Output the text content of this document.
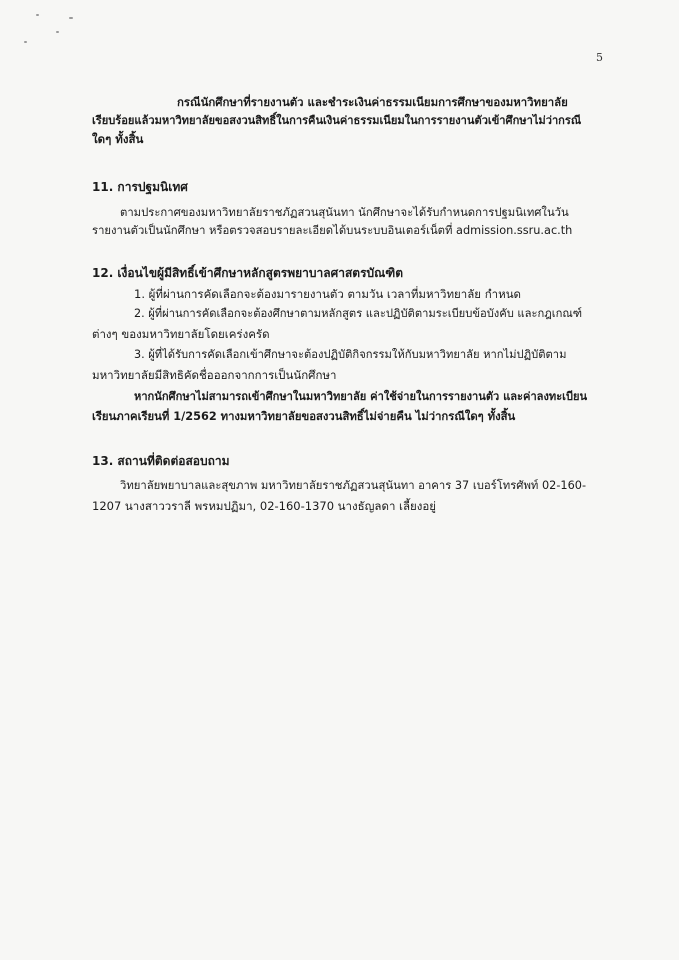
5
กรณีนักศึกษาที่รายงานตัว และชำระเงินค่าธรรมเนียมการศึกษาของมหาวิทยาลัย
เรียบร้อยแล้วมหาวิทยาลัยขอสงวนสิทธิ์ในการคืนเงินค่าธรรมเนียมในการรายงานตัวเข้าศึกษาไม่ว่ากรณี
ใดๆ ทั้งสิ้น
11. การปฐมนิเทศ
ตามประกาศของมหาวิทยาลัยราชภัฏสวนสุนันทา นักศึกษาจะได้รับกำหนดการปฐมนิเทศในวัน
รายงานตัวเป็นนักศึกษา หรือตรวจสอบรายละเอียดได้บนระบบอินเตอร์เน็ตที่ admission.ssru.ac.th
12. เงื่อนไขผู้มีสิทธิ์เข้าศึกษาหลักสูตรพยาบาลศาสตรบัณฑิต
1. ผู้ที่ผ่านการคัดเลือกจะต้องมารายงานตัว ตามวัน เวลาที่มหาวิทยาลัย กำหนด
2. ผู้ที่ผ่านการคัดเลือกจะต้องศึกษาตามหลักสูตร และปฏิบัติตามระเบียบข้อบังคับ และกฎเกณฑ์
ต่างๆ ของมหาวิทยาลัยโดยเคร่งครัด
3. ผู้ที่ได้รับการคัดเลือกเข้าศึกษาจะต้องปฏิบัติกิจกรรมให้กับมหาวิทยาลัย หากไม่ปฏิบัติตาม
มหาวิทยาลัยมีสิทธิคัดชื่อออกจากการเป็นนักศึกษา
หากนักศึกษาไม่สามารถเข้าศึกษาในมหาวิทยาลัย ค่าใช้จ่ายในการรายงานตัว และค่าลงทะเบียน
เรียนภาคเรียนที่ 1/2562 ทางมหาวิทยาลัยขอสงวนสิทธิ์ไม่จ่ายคืน ไม่ว่ากรณีใดๆ ทั้งสิ้น
13. สถานที่ติดต่อสอบถาม
วิทยาลัยพยาบาลและสุขภาพ มหาวิทยาลัยราชภัฏสวนสุนันทา อาคาร 37 เบอร์โทรศัพท์ 02-160-
1207 นางสาววราลี พรหมปฏิมา, 02-160-1370 นางธัญลดา เลี้ยงอยู่
